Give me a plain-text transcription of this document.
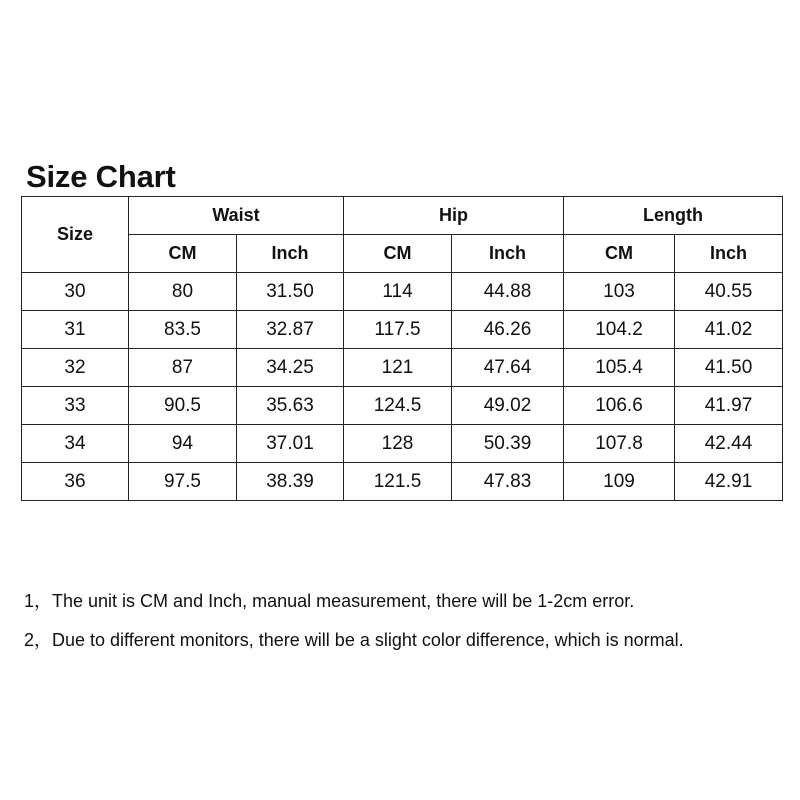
Size Chart
Size	Waist		Hip		Length	
	CM	Inch	CM	Inch	CM	Inch
30	80	31.50	114	44.88	103	40.55
31	83.5	32.87	117.5	46.26	104.2	41.02
32	87	34.25	121	47.64	105.4	41.50
33	90.5	35.63	124.5	49.02	106.6	41.97
34	94	37.01	128	50.39	107.8	42.44
36	97.5	38.39	121.5	47.83	109	42.91
1，The unit is CM and Inch, manual measurement, there will be 1-2cm error.
2，Due to different monitors, there will be a slight color difference, which is normal.
